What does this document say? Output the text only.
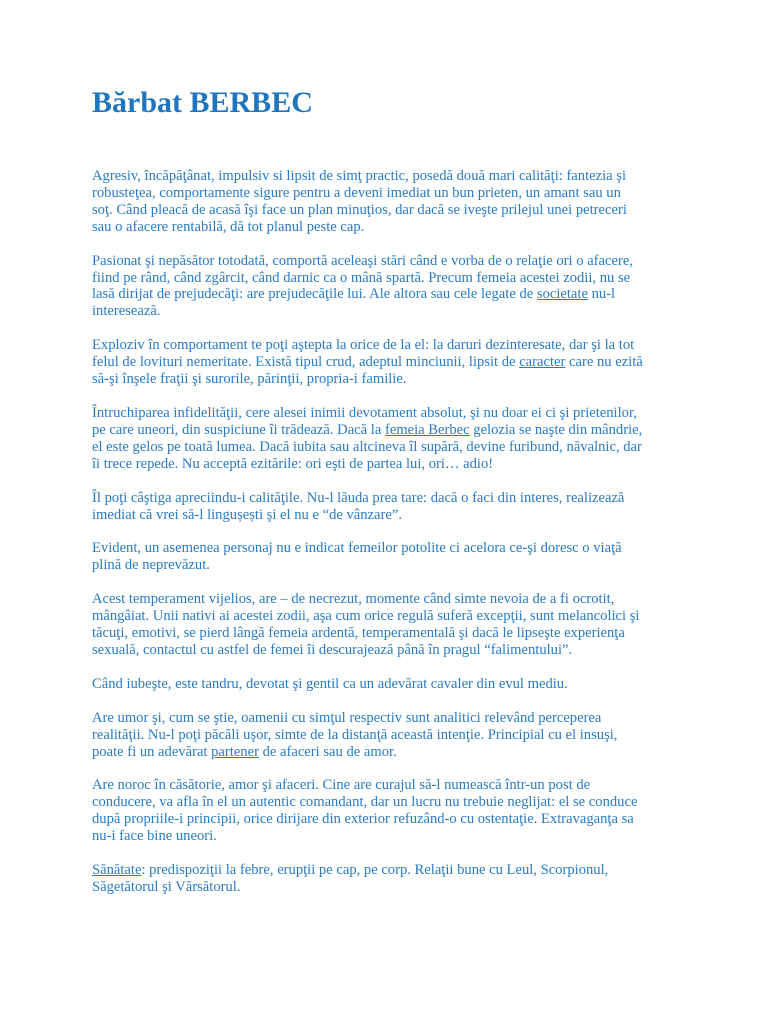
Bărbat BERBEC

Agresiv, încăpăţânat, impulsiv si lipsit de simţ practic, posedă două mari calităţi: fantezia şi
robusteţea, comportamente sigure pentru a deveni imediat un bun prieten, un amant sau un
soţ. Când pleacă de acasă îşi face un plan minuţios, dar dacă se iveşte prilejul unei petreceri
sau o afacere rentabilă, dă tot planul peste cap.

Pasionat şi nepăsător totodată, comportă aceleaşi stări când e vorba de o relaţie ori o afacere,
fiind pe rând, când zgârcit, când darnic ca o mână spartă. Precum femeia acestei zodii, nu se
lasă dirijat de prejudecăţi: are prejudecăţile lui. Ale altora sau cele legate de societate nu-l
interesează.

Exploziv în comportament te poţi aştepta la orice de la el: la daruri dezinteresate, dar şi la tot
felul de lovituri nemeritate. Există tipul crud, adeptul minciunii, lipsit de caracter care nu ezită
să-şi înşele fraţii şi surorile, părinţii, propria-i familie.

Întruchiparea infidelităţii, cere alesei inimii devotament absolut, şi nu doar ei ci şi prietenilor,
pe care uneori, din suspiciune îi trădează. Dacă la femeia Berbec gelozia se naşte din mândrie,
el este gelos pe toată lumea. Dacă iubita sau altcineva îl supără, devine furibund, năvalnic, dar
îi trece repede. Nu acceptă ezitările: ori eşti de partea lui, ori… adio!

Îl poţi câştiga apreciindu-i calităţile. Nu-l lăuda prea tare: dacă o faci din interes, realizează
imediat că vrei să-l lingușești şi el nu e “de vânzare”.

Evident, un asemenea personaj nu e indicat femeilor potolite ci acelora ce-şi doresc o viaţă
plină de neprevăzut.

Acest temperament vijelios, are – de necrezut, momente când simte nevoia de a fi ocrotit,
mângâiat. Unii nativi ai acestei zodii, aşa cum orice regulă suferă excepţii, sunt melancolici şi
tăcuţi, emotivi, se pierd lângă femeia ardentă, temperamentală şi dacă le lipseşte experienţa
sexuală, contactul cu astfel de femei îi descurajează până în pragul “falimentului”.

Când iubeşte, este tandru, devotat şi gentil ca un adevărat cavaler din evul mediu.

Are umor şi, cum se ştie, oamenii cu simţul respectiv sunt analitici relevând perceperea
realităţii. Nu-l poţi păcăli uşor, simte de la distanţă această intenţie. Principial cu el insuşi,
poate fi un adevărat partener de afaceri sau de amor.

Are noroc în căsătorie, amor şi afaceri. Cine are curajul să-l numească într-un post de
conducere, va afla în el un autentic comandant, dar un lucru nu trebuie neglijat: el se conduce
după propriile-i principii, orice dirijare din exterior refuzând-o cu ostentaţie. Extravaganţa sa
nu-i face bine uneori.

Sănătate: predispoziţii la febre, erupţii pe cap, pe corp. Relaţii bune cu Leul, Scorpionul,
Săgetătorul şi Vărsătorul.
